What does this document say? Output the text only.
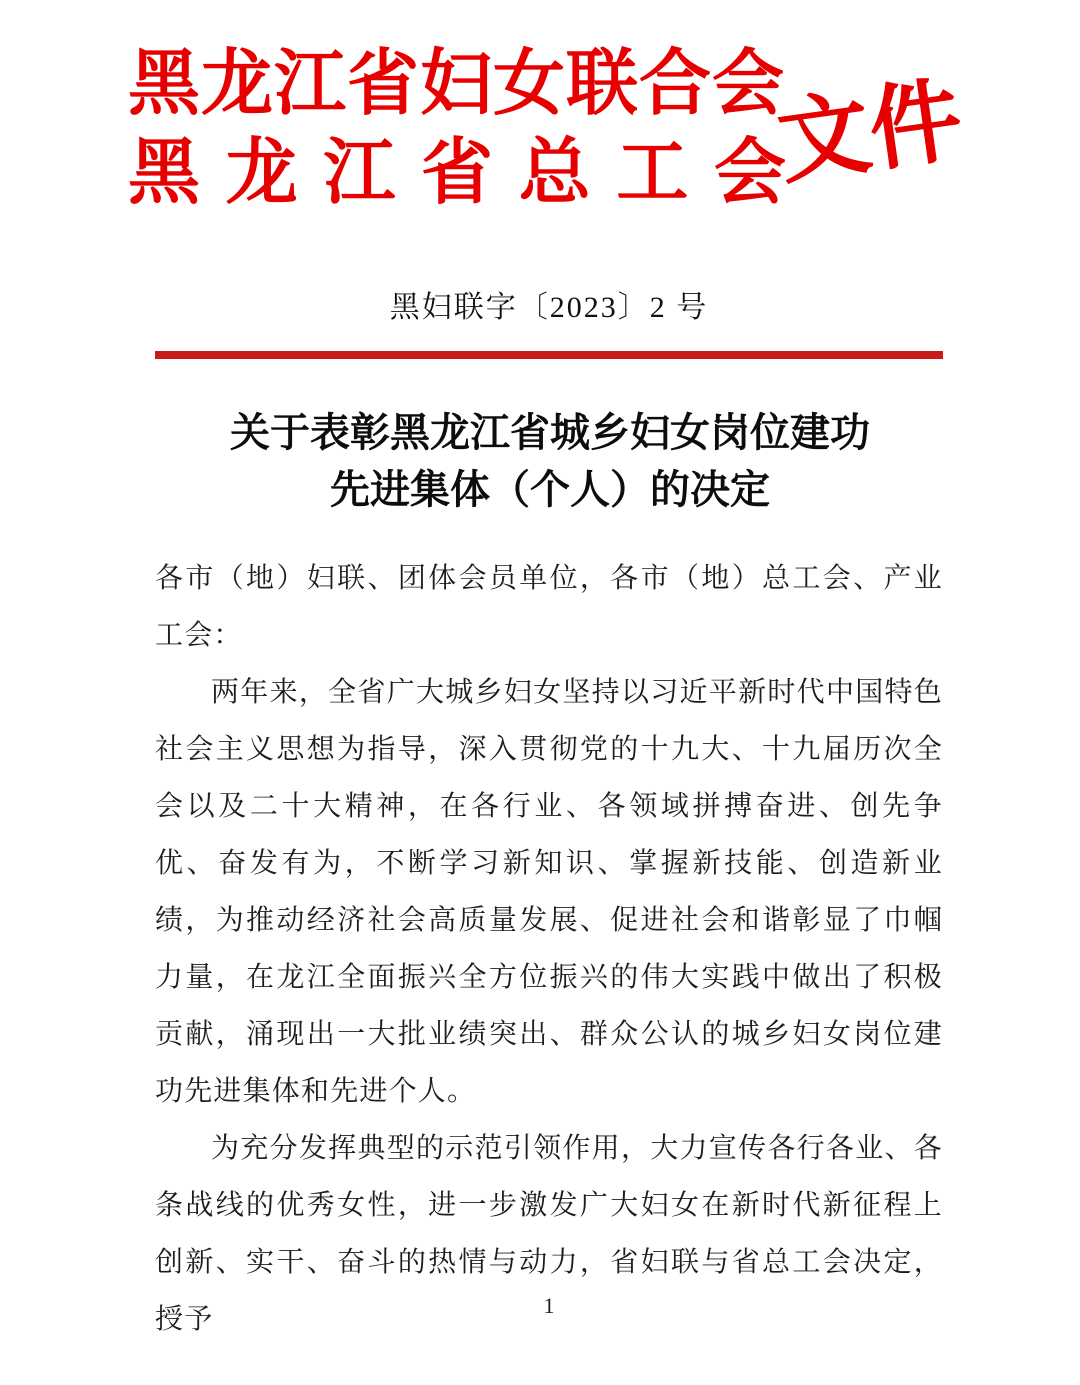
黑龙江省妇女联合会
黑龙江省总工会
文件
黑妇联字〔2023〕2 号
关于表彰黑龙江省城乡妇女岗位建功
先进集体（个人）的决定

各市（地）妇联、团体会员单位，各市（地）总工会、产业工会：

两年来，全省广大城乡妇女坚持以习近平新时代中国特色社会主义思想为指导，深入贯彻党的十九大、十九届历次全会以及二十大精神，在各行业、各领域拼搏奋进、创先争优、奋发有为，不断学习新知识、掌握新技能、创造新业绩，为推动经济社会高质量发展、促进社会和谐彰显了巾帼力量，在龙江全面振兴全方位振兴的伟大实践中做出了积极贡献，涌现出一大批业绩突出、群众公认的城乡妇女岗位建功先进集体和先进个人。

为充分发挥典型的示范引领作用，大力宣传各行各业、各条战线的优秀女性，进一步激发广大妇女在新时代新征程上创新、实干、奋斗的热情与动力，省妇联与省总工会决定，授予	1
